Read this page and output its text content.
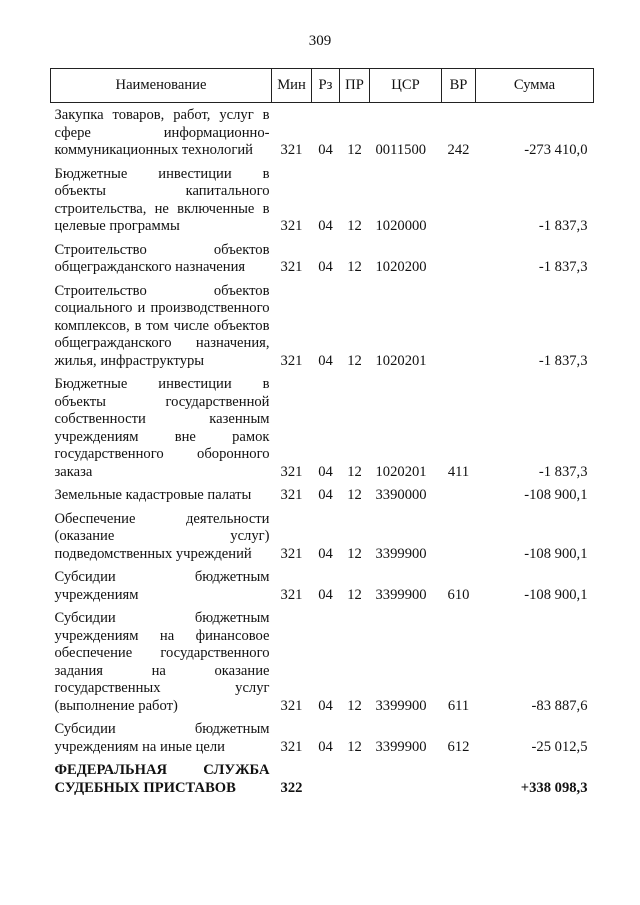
309
Наименование	Мин	Рз	ПР	ЦСР	ВР	Сумма
Закупка товаров, работ, услуг в сфере информационно-коммуникационных технологий	321	04	12	0011500	242	-273 410,0
Бюджетные инвестиции в объекты капитального строительства, не включенные в целевые программы	321	04	12	1020000		-1 837,3
Строительство объектов общегражданского назначения	321	04	12	1020200		-1 837,3
Строительство объектов социального и производственного комплексов, в том числе объектов общегражданского назначения, жилья, инфраструктуры	321	04	12	1020201		-1 837,3
Бюджетные инвестиции в объекты государственной собственности казенным учреждениям вне рамок государственного оборонного заказа	321	04	12	1020201	411	-1 837,3
Земельные кадастровые палаты	321	04	12	3390000		-108 900,1
Обеспечение деятельности (оказание услуг) подведомственных учреждений	321	04	12	3399900		-108 900,1
Субсидии бюджетным учреждениям	321	04	12	3399900	610	-108 900,1
Субсидии бюджетным учреждениям на финансовое обеспечение государственного задания на оказание государственных услуг (выполнение работ)	321	04	12	3399900	611	-83 887,6
Субсидии бюджетным учреждениям на иные цели	321	04	12	3399900	612	-25 012,5
ФЕДЕРАЛЬНАЯ СЛУЖБА СУДЕБНЫХ ПРИСТАВОВ	322					+338 098,3
